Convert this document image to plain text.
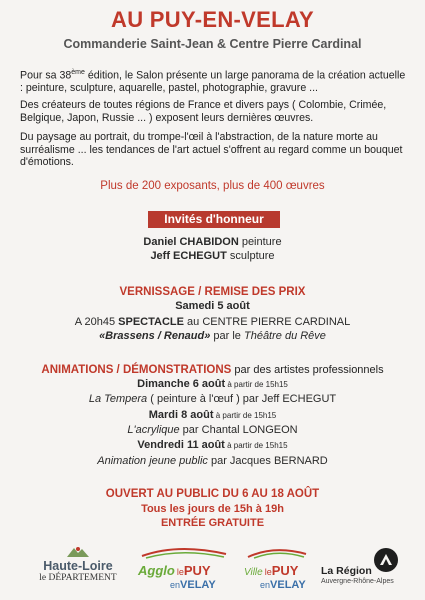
AU PUY-EN-VELAY
Commanderie Saint-Jean & Centre Pierre Cardinal
Pour sa 38ème édition, le Salon présente un large panorama de la création actuelle : peinture, sculpture, aquarelle, pastel, photographie, gravure ...
Des créateurs de toutes régions de France et divers pays ( Colombie, Crimée, Belgique, Japon, Russie ... ) exposent leurs dernières œuvres.
Du paysage au portrait, du trompe-l'œil à l'abstraction, de la nature morte au surréalisme ... les tendances de l'art actuel s'offrent au regard comme un bouquet d'émotions.
Plus de 200 exposants, plus de 400 œuvres
Invités d'honneur
Daniel CHABIDON peinture
Jeff ECHEGUT sculpture
VERNISSAGE / REMISE DES PRIX
Samedi 5 août
A 20h45 SPECTACLE au CENTRE PIERRE CARDINAL
«Brassens / Renaud» par le Théâtre du Rêve
ANIMATIONS / DÉMONSTRATIONS par des artistes professionnels
Dimanche 6 août à partir de 15h15
La Tempera ( peinture à l'œuf ) par Jeff ECHEGUT
Mardi 8 août à partir de 15h15
L'acrylique par Chantal LONGEON
Vendredi 11 août à partir de 15h15
Animation jeune public par Jacques BERNARD
OUVERT AU PUBLIC DU 6 AU 18 AOÛT
Tous les jours de 15h à 19h
ENTRÉE GRATUITE
Haute-Loire
le DÉPARTEMENT	Agglo lePUY
enVELAY
Ville lePUY
enVELAY
La Région
Auvergne-Rhône-Alpes
